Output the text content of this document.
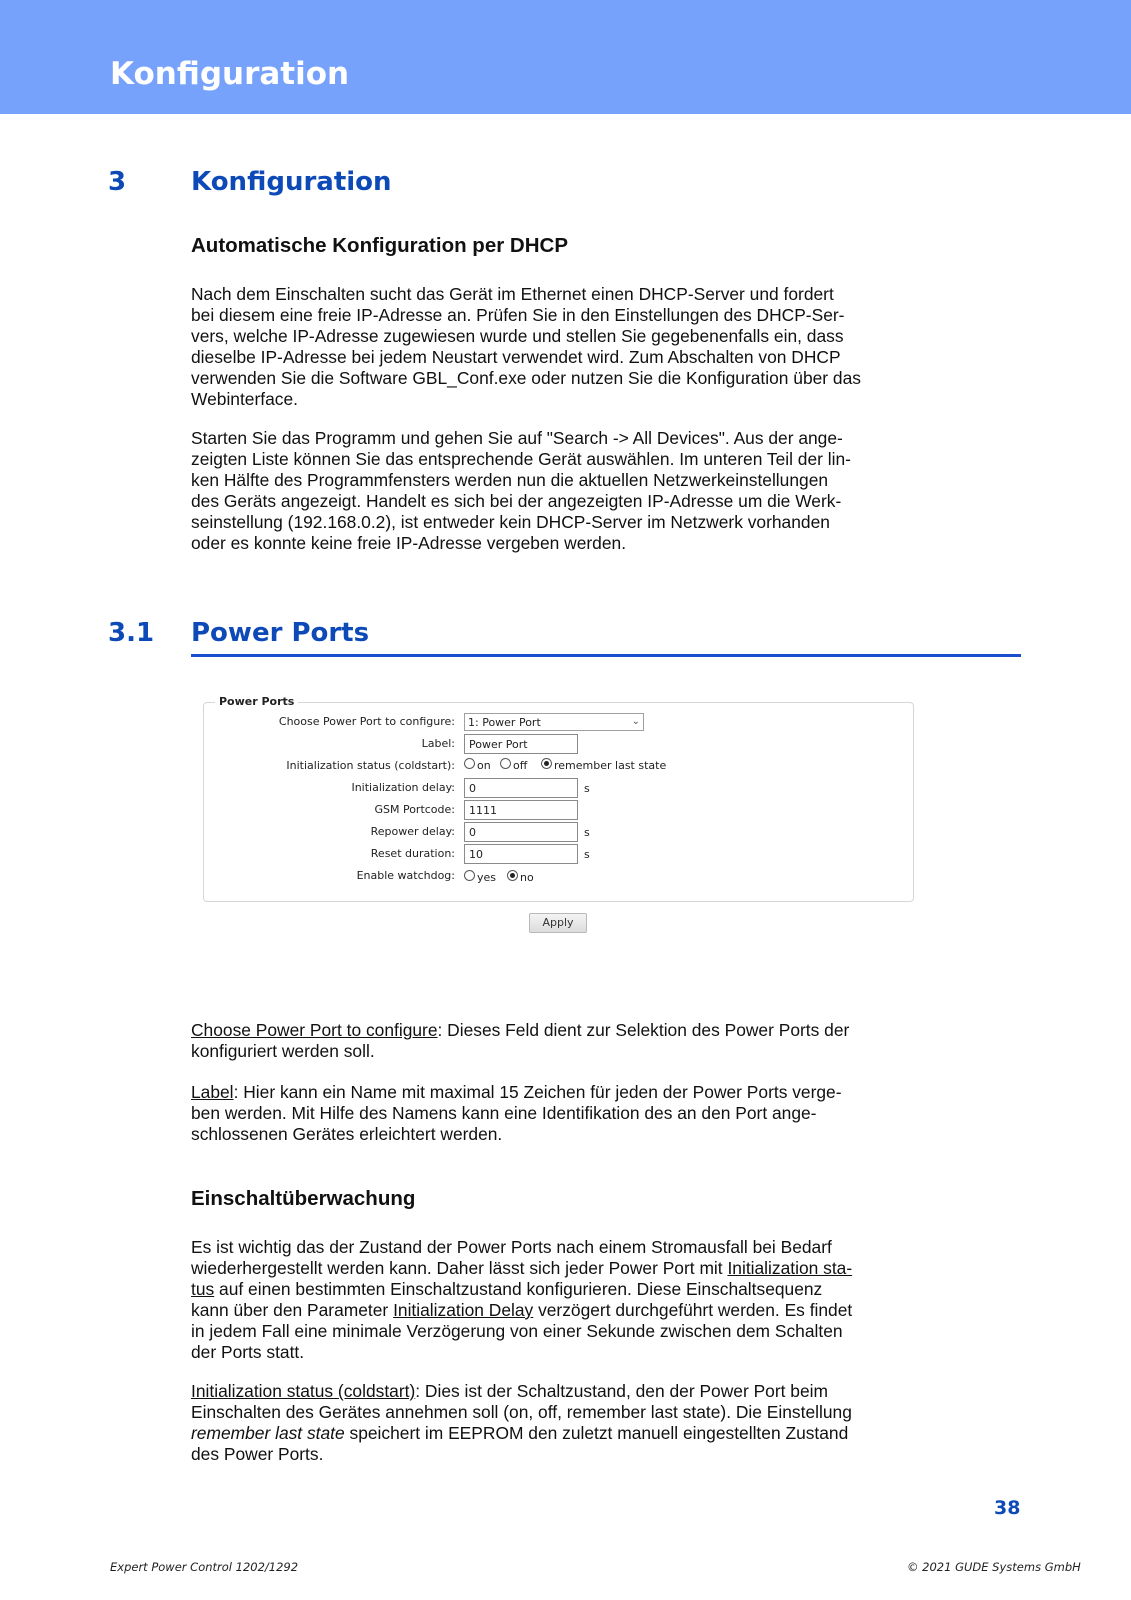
Konfiguration
3 Konfiguration
Automatische Konfiguration per DHCP

Nach dem Einschalten sucht das Gerät im Ethernet einen DHCP-Server und fordert

bei diesem eine freie IP-Adresse an. Prüfen Sie in den Einstellungen des DHCP-Ser-

vers, welche IP-Adresse zugewiesen wurde und stellen Sie gegebenenfalls ein, dass

dieselbe IP-Adresse bei jedem Neustart verwendet wird. Zum Abschalten von DHCP

verwenden Sie die Software GBL_Conf.exe oder nutzen Sie die Konfiguration über das

Webinterface.

Starten Sie das Programm und gehen Sie auf "Search -> All Devices". Aus der ange-

zeigten Liste können Sie das entsprechende Gerät auswählen. Im unteren Teil der lin-

ken Hälfte des Programmfensters werden nun die aktuellen Netzwerkeinstellungen

des Geräts angezeigt. Handelt es sich bei der angezeigten IP-Adresse um die Werk-

seinstellung (192.168.0.2), ist entweder kein DHCP-Server im Netzwerk vorhanden

oder es konnte keine freie IP-Adresse vergeben werden.

3.1 Power Ports
Power Ports
Choose Power Port to configure:	1: Power Port	⌄
Label:	Power Port
Initialization status (coldstart): on off remember last state
Initialization delay:	0	s
GSM Portcode:	1111
Repower delay:	0	s
Reset duration:	10	s
Enable watchdog: yes no
Apply

Choose Power Port to configure: Dieses Feld dient zur Selektion des Power Ports der

konfiguriert werden soll.

Label: Hier kann ein Name mit maximal 15 Zeichen für jeden der Power Ports verge-

ben werden. Mit Hilfe des Namens kann eine Identifikation des an den Port ange-

schlossenen Gerätes erleichtert werden.

Einschaltüberwachung

Es ist wichtig das der Zustand der Power Ports nach einem Stromausfall bei Bedarf

wiederhergestellt werden kann. Daher lässt sich jeder Power Port mit Initialization sta-

tus auf einen bestimmten Einschaltzustand konfigurieren. Diese Einschaltsequenz

kann über den Parameter Initialization Delay verzögert durchgeführt werden. Es findet

in jedem Fall eine minimale Verzögerung von einer Sekunde zwischen dem Schalten

der Ports statt.

Initialization status (coldstart): Dies ist der Schaltzustand, den der Power Port beim

Einschalten des Gerätes annehmen soll (on, off, remember last state). Die Einstellung

remember last state speichert im EEPROM den zuletzt manuell eingestellten Zustand

des Power Ports.

38
Expert Power Control 1202/1292	© 2021 GUDE Systems GmbH
